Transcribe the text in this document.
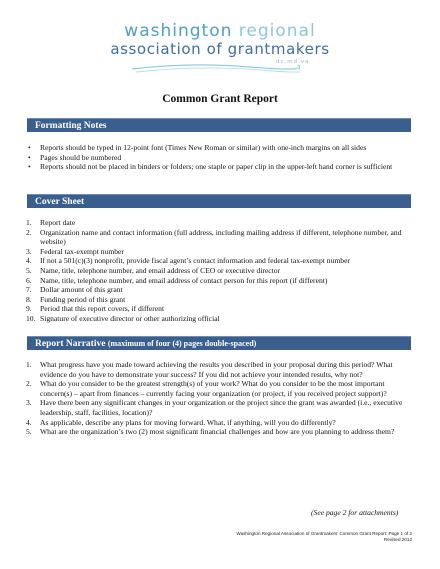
washington regional
association of grantmakers
dc md va
Common Grant Report
Formatting Notes
• Reports should be typed in 12-point font (Times New Roman or similar) with one-inch margins on all sides
• Pages should be numbered
• Reports should not be placed in binders or folders; one staple or paper clip in the upper-left hand corner is sufficient
Cover Sheet
1.	Report date
2.	Organization name and contact information (full address, including mailing address if different, telephone number, and website)
3.	Federal tax-exempt number
4.	If not a 501(c)(3) nonprofit, provide fiscal agent’s contact information and federal tax-exempt number
5.	Name, title, telephone number, and email address of CEO or executive director
6.	Name, title, telephone number, and email address of contact person for this report (if different)
7.	Dollar amount of this grant
8.	Funding period of this grant
9.	Period that this report covers, if different
10. Signature of executive director or other authorizing official
Report Narrative (maximum of four (4) pages double-spaced)
1.	What progress have you made toward achieving the results you described in your proposal during this period? What evidence do you have to demonstrate your success? If you did not achieve your intended results, why not?
2.	What do you consider to be the greatest strength(s) of your work? What do you consider to be the most important concern(s) – apart from finances – currently facing your organization (or project, if you received project support)?
3.	Have there been any significant changes in your organization or the project since the grant was awarded (i.e., executive leadership, staff, facilities, location)?
4.	As applicable, describe any plans for moving forward. What, if anything, will you do differently?
5.	What are the organization’s two (2) most significant financial challenges and how are you planning to address them?
(See page 2 for attachments)
Washington Regional Association of Grantmakers’ Common Grant Report: Page 1 of 2
Revised 2012
